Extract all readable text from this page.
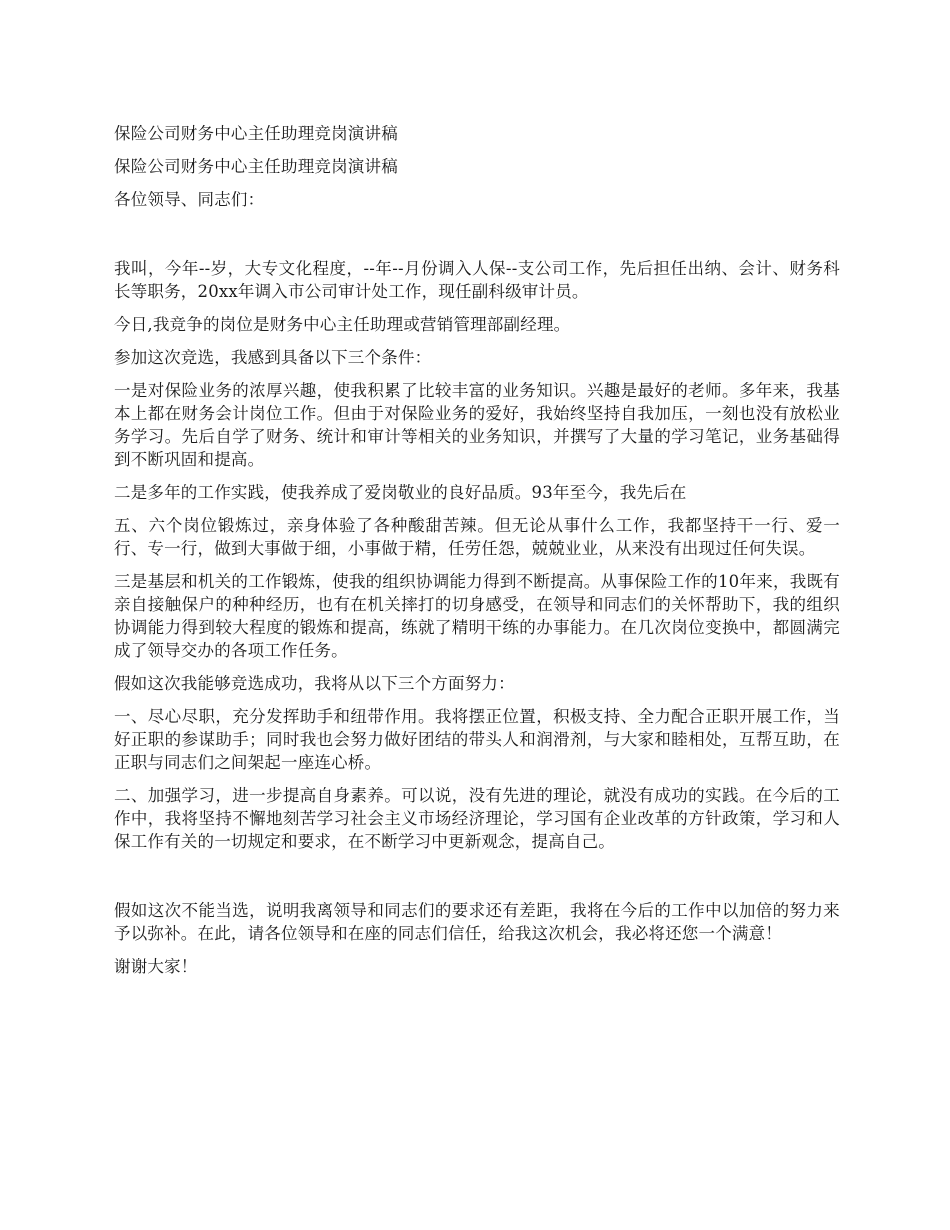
保险公司财务中心主任助理竞岗演讲稿

保险公司财务中心主任助理竞岗演讲稿

各位领导、同志们：

我叫，今年--岁，大专文化程度，--年--月份调入人保--支公司工作，先后担任出纳、会计、财务科长等职务，20xx年调入市公司审计处工作，现任副科级审计员。

今日,我竞争的岗位是财务中心主任助理或营销管理部副经理。

参加这次竞选，我感到具备以下三个条件：

一是对保险业务的浓厚兴趣，使我积累了比较丰富的业务知识。兴趣是最好的老师。多年来，我基本上都在财务会计岗位工作。但由于对保险业务的爱好，我始终坚持自我加压，一刻也没有放松业务学习。先后自学了财务、统计和审计等相关的业务知识，并撰写了大量的学习笔记，业务基础得到不断巩固和提高。

二是多年的工作实践，使我养成了爱岗敬业的良好品质。93年至今，我先后在

五、六个岗位锻炼过，亲身体验了各种酸甜苦辣。但无论从事什么工作，我都坚持干一行、爱一行、专一行，做到大事做于细，小事做于精，任劳任怨，兢兢业业，从来没有出现过任何失误。

三是基层和机关的工作锻炼，使我的组织协调能力得到不断提高。从事保险工作的10年来，我既有亲自接触保户的种种经历，也有在机关摔打的切身感受，在领导和同志们的关怀帮助下，我的组织协调能力得到较大程度的锻炼和提高，练就了精明干练的办事能力。在几次岗位变换中，都圆满完成了领导交办的各项工作任务。

假如这次我能够竞选成功，我将从以下三个方面努力：

一、尽心尽职，充分发挥助手和纽带作用。我将摆正位置，积极支持、全力配合正职开展工作，当好正职的参谋助手；同时我也会努力做好团结的带头人和润滑剂，与大家和睦相处，互帮互助，在正职与同志们之间架起一座连心桥。

二、加强学习，进一步提高自身素养。可以说，没有先进的理论，就没有成功的实践。在今后的工作中，我将坚持不懈地刻苦学习社会主义市场经济理论，学习国有企业改革的方针政策，学习和人保工作有关的一切规定和要求，在不断学习中更新观念，提高自己。

假如这次不能当选，说明我离领导和同志们的要求还有差距，我将在今后的工作中以加倍的努力来予以弥补。在此，请各位领导和在座的同志们信任，给我这次机会，我必将还您一个满意！

谢谢大家！
